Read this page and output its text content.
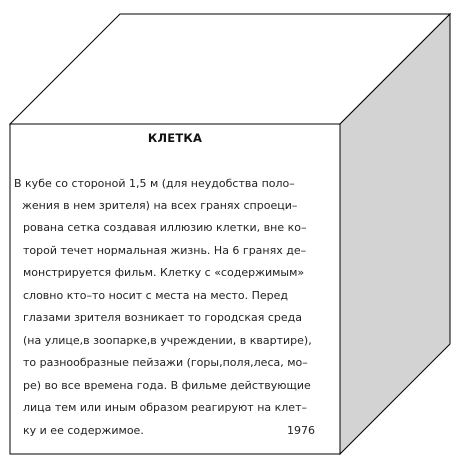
КЛЕТКА
В кубе со стороной 1,5 м (для неудобства поло–
жения в нем зрителя) на всех гранях спроеци–
рована сетка создавая иллюзию клетки, вне ко–
торой течет нормальная жизнь. На 6 гранях де–
монстрируется фильм. Клетку с «содержимым»
словно кто–то носит с места на место. Перед
глазами зрителя возникает то городская среда
(на улице,в зоопарке,в учреждении, в квартире),
то разнообразные пейзажи (горы,поля,леса, мо–
ре) во все времена года. В фильме действующие
лица тем или иным образом реагируют на клет–
ку и ее содержимое.	1976
